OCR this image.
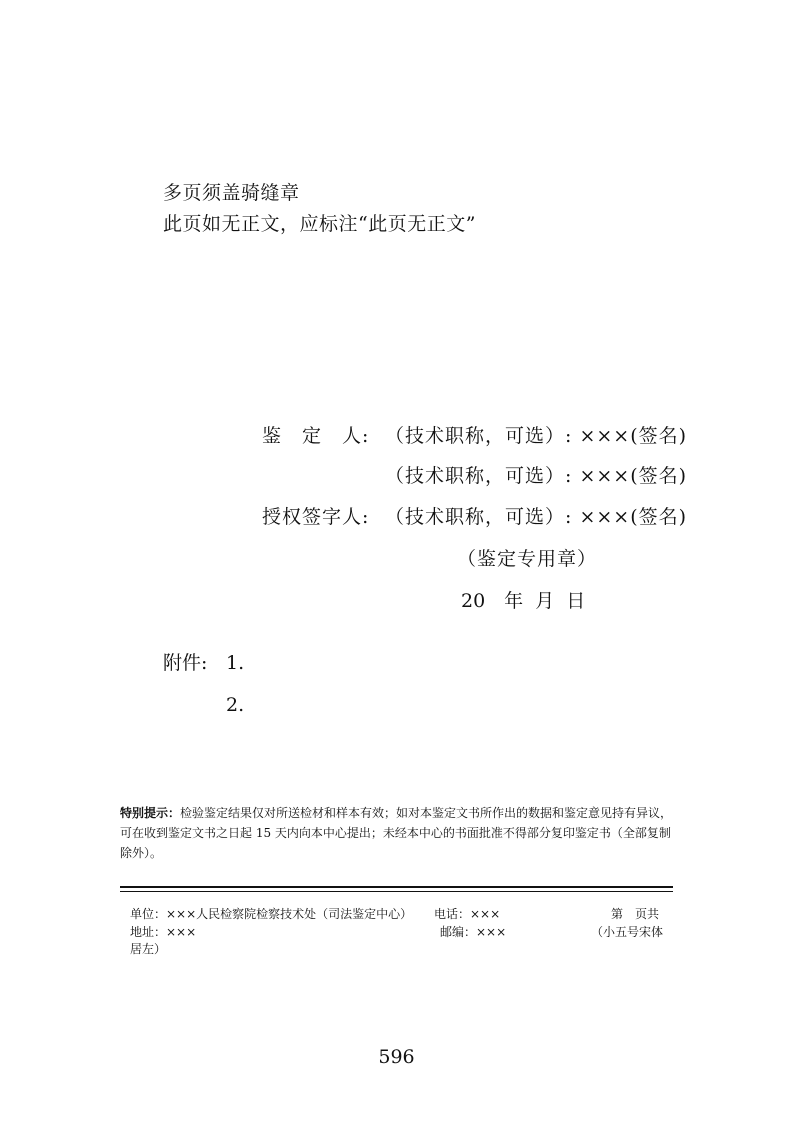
多页须盖骑缝章
此页如无正文，应标注“此页无正文”
鉴　定　人: （技术职称，可选）: ×××(签名)
（技术职称，可选）: ×××(签名)
授权签字人: （技术职称，可选）: ×××(签名)
（鉴定专用章）
20　年 月 日
附件: 1.
2.
特别提示：检验鉴定结果仅对所送检材和样本有效；如对本鉴定文书所作出的数据和鉴定意见持有异议，可在收到鉴定文书之日起 15 天内向本中心提出；未经本中心的书面批准不得部分复印鉴定书（全部复制除外）。
单位：×××人民检察院检察技术处（司法鉴定中心） 电话：×××	第　页共
地址：×××	邮编：×××	（小五号宋体
居左）
596
